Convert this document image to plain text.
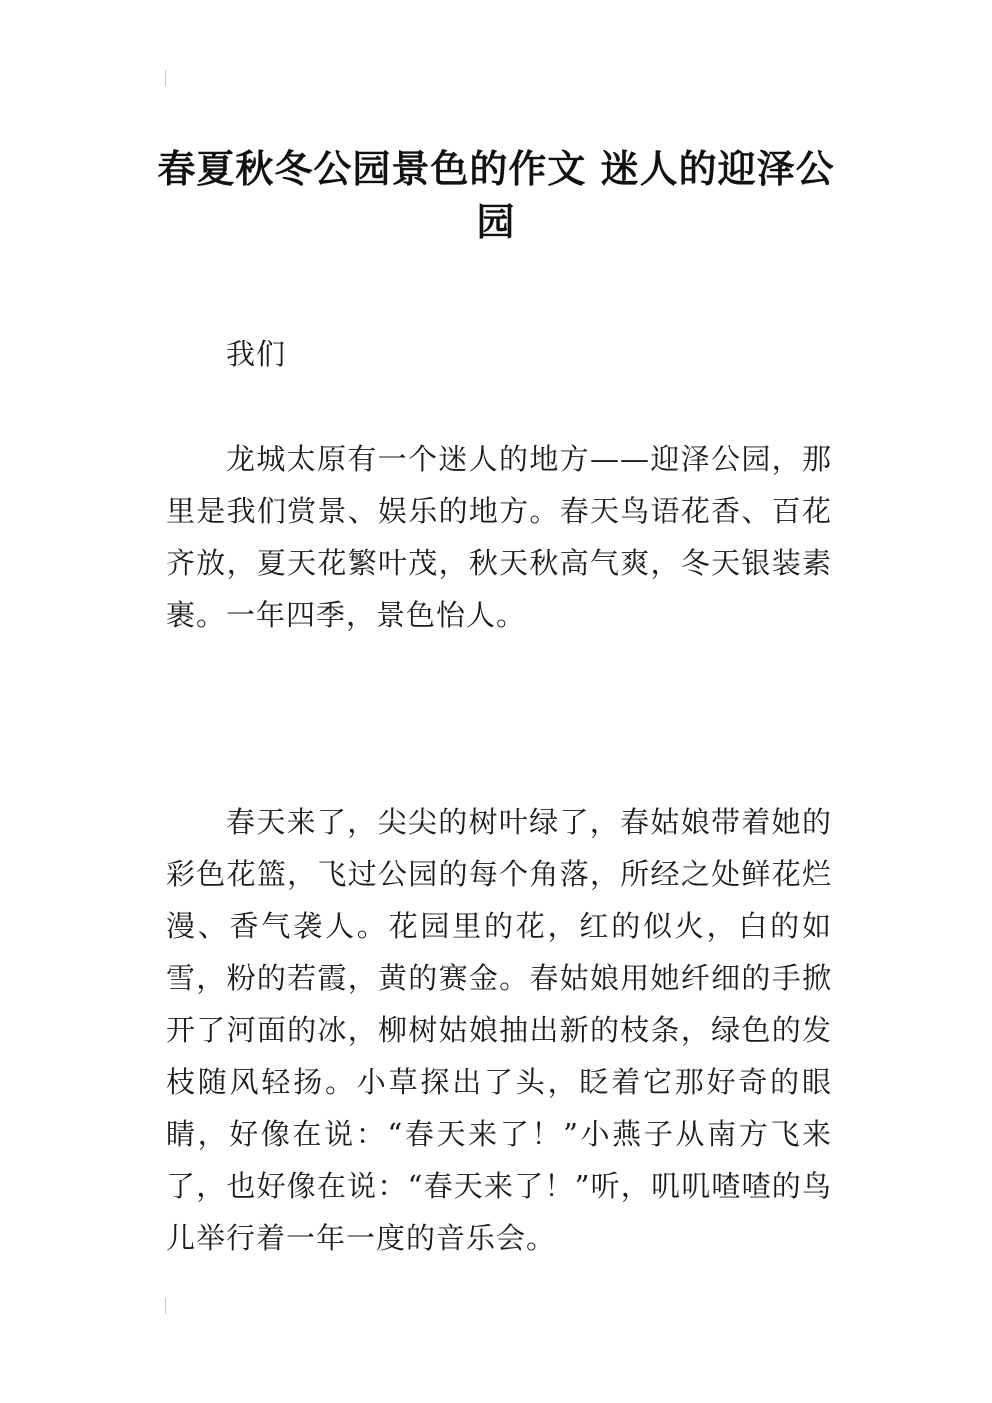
春夏秋冬公园景色的作文 迷人的迎泽公园

我们

龙城太原有一个迷人的地方——迎泽公园，那里是我们赏景、娱乐的地方。春天鸟语花香、百花齐放，夏天花繁叶茂，秋天秋高气爽，冬天银装素裹。一年四季，景色怡人。

春天来了，尖尖的树叶绿了，春姑娘带着她的彩色花篮，飞过公园的每个角落，所经之处鲜花烂漫、香气袭人。花园里的花，红的似火，白的如雪，粉的若霞，黄的赛金。春姑娘用她纤细的手掀开了河面的冰，柳树姑娘抽出新的枝条，绿色的发枝随风轻扬。小草探出了头，眨着它那好奇的眼睛，好像在说：“春天来了！”小燕子从南方飞来了，也好像在说：“春天来了！”听，叽叽喳喳的鸟儿举行着一年一度的音乐会。
